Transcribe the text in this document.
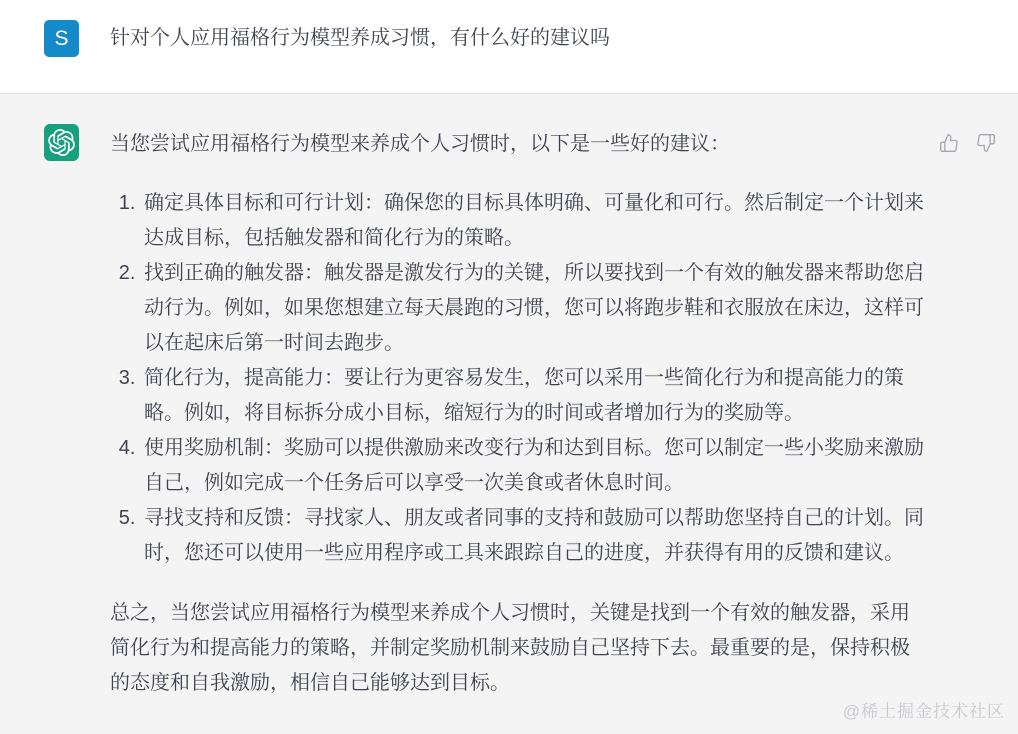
S 针对个人应用福格行为模型养成习惯，有什么好的建议吗

当您尝试应用福格行为模型来养成个人习惯时，以下是一些好的建议：

1. 确定具体目标和可行计划：确保您的目标具体明确、可量化和可行。然后制定一个计划来达成目标，包括触发器和简化行为的策略。
2. 找到正确的触发器：触发器是激发行为的关键，所以要找到一个有效的触发器来帮助您启动行为。例如，如果您想建立每天晨跑的习惯，您可以将跑步鞋和衣服放在床边，这样可以在起床后第一时间去跑步。
3. 简化行为，提高能力：要让行为更容易发生，您可以采用一些简化行为和提高能力的策略。例如，将目标拆分成小目标，缩短行为的时间或者增加行为的奖励等。
4. 使用奖励机制：奖励可以提供激励来改变行为和达到目标。您可以制定一些小奖励来激励自己，例如完成一个任务后可以享受一次美食或者休息时间。
5. 寻找支持和反馈：寻找家人、朋友或者同事的支持和鼓励可以帮助您坚持自己的计划。同时，您还可以使用一些应用程序或工具来跟踪自己的进度，并获得有用的反馈和建议。

总之，当您尝试应用福格行为模型来养成个人习惯时，关键是找到一个有效的触发器，采用简化行为和提高能力的策略，并制定奖励机制来鼓励自己坚持下去。最重要的是，保持积极的态度和自我激励，相信自己能够达到目标。

@稀土掘金技术社区
